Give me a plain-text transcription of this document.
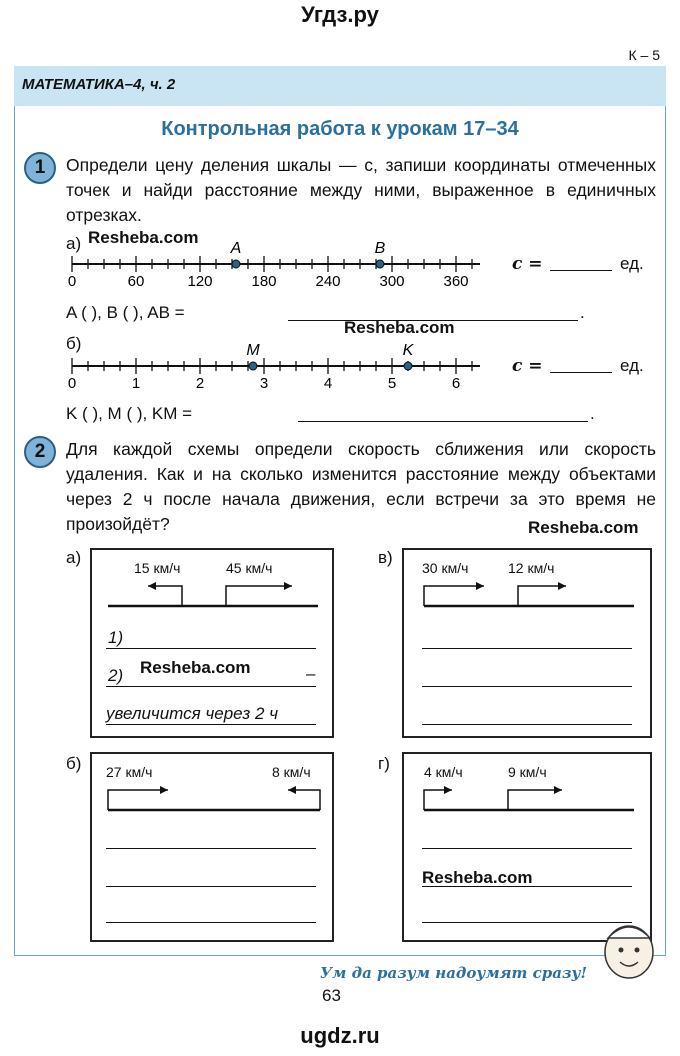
Угдз.ру
К – 5
МАТЕМАТИКА–4, ч. 2
Контрольная работа к урокам 17–34
1	Определи цену деления шкалы — c, запиши координаты отмеченных точек и найди расстояние между ними, выраженное в единичных отрезках.
а) Resheba.com
0	60	120	180	240	300	360
A	B
c =	ед.
A ( ), B ( ), AB =	.
Resheba.com
б)
0	1	2	3	4	5	6
M	K
c =	ед.
K ( ), M ( ), KM =	.
2	Для каждой схемы определи скорость сближения или скорость удаления. Как и на сколько изменится расстояние между объектами через 2 ч после начала движения, если встречи за это время не произойдёт?	Resheba.com
а)
15 км/ч	45 км/ч
1)
2)	–
Resheba.com
увеличится через 2 ч
в)
30 км/ч	12 км/ч
б) 27 км/ч	8 км/ч	г) 4 км/ч	9 км/ч
Resheba.com
Ум да разум надоумят сразу!
63
ugdz.ru
